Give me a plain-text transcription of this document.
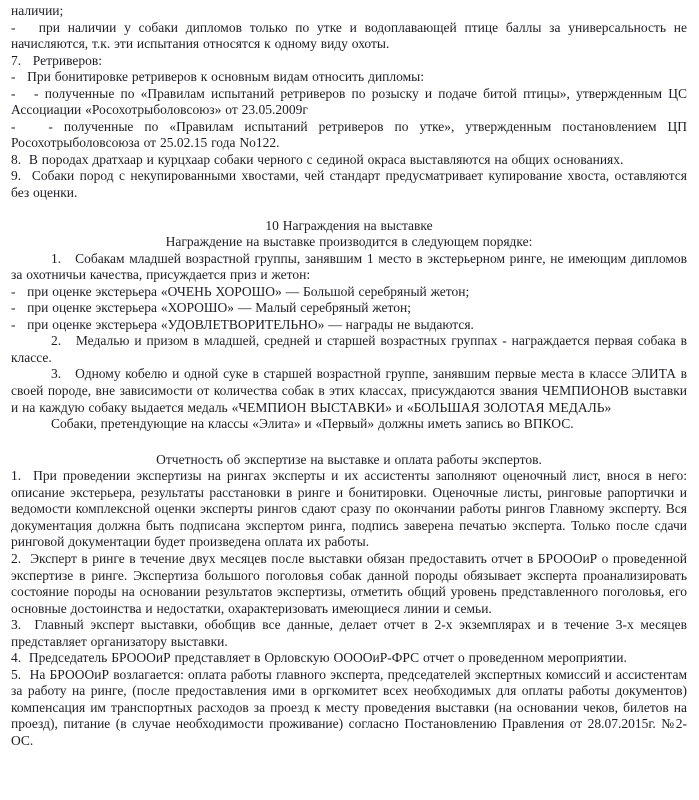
наличии;

-   при наличии у собаки дипломов только по утке и водоплавающей птице баллы за универсальность не начисляются, т.к. эти испытания относятся к одному виду охоты.

7.   Ретриверов:

-   При бонитировке ретриверов к основным видам относить дипломы:

-   - полученные по «Правилам испытаний ретриверов по розыску и подаче битой птицы», утвержденным ЦС Ассоциации «Росохотрыболовсоюз» от 23.05.2009г

-   - полученные по «Правилам испытаний ретриверов по утке», утвержденным постановлением ЦП Росохотрыболовсоюза от 25.02.15 года No122.

8.  В породах дратхаар и курцхаар собаки черного с сединой окраса выставляются на общих основаниях.

9.  Собаки пород с некупированными хвостами, чей стандарт предусматривает купирование хвоста, оставляются без оценки.

10 Награждения на выставке

Награждение на выставке производится в следующем порядке:

1.   Собакам младшей возрастной группы, занявшим 1 место в экстерьерном ринге, не имеющим дипломов за охотничьи качества, присуждается приз и жетон:

-   при оценке экстерьера «ОЧЕНЬ ХОРОШО» — Большой серебряный жетон;

-   при оценке экстерьера «ХОРОШО» — Малый серебряный жетон;

-   при оценке экстерьера «УДОВЛЕТВОРИТЕЛЬНО» — награды не выдаются.

2.   Медалью и призом в младшей, средней и старшей возрастных группах - награждается первая собака в классе.

3.   Одному кобелю и одной суке в старшей возрастной группе, занявшим первые места в классе ЭЛИТА в своей породе, вне зависимости от количества собак в этих классах, присуждаются звания ЧЕМПИОНОВ выставки и на каждую собаку выдается медаль «ЧЕМПИОН ВЫСТАВКИ» и «БОЛЬШАЯ ЗОЛОТАЯ МЕДАЛЬ»

Собаки, претендующие на классы «Элита» и «Первый» должны иметь запись во ВПКОС.

Отчетность об экспертизе на выставке и оплата работы экспертов.

1.  При проведении экспертизы на рингах эксперты и их ассистенты заполняют оценочный лист, внося в него: описание экстерьера, результаты расстановки в ринге и бонитировки. Оценочные листы, ринговые рапортички и ведомости комплексной оценки эксперты рингов сдают сразу по окончании работы рингов Главному эксперту. Вся документация должна быть подписана экспертом ринга, подпись заверена печатью эксперта. Только после сдачи ринговой документации будет произведена оплата их работы.

2.  Эксперт в ринге в течение двух месяцев после выставки обязан предоставить отчет в БРОООиР о проведенной экспертизе в ринге. Экспертиза большого поголовья собак данной породы обязывает эксперта проанализировать состояние породы на основании результатов экспертизы, отметить общий уровень представленного поголовья, его основные достоинства и недостатки, охарактеризовать имеющиеся линии и семьи.

3.  Главный эксперт выставки, обобщив все данные, делает отчет в 2-х экземплярах и в течение 3-х месяцев представляет организатору выставки.

4.  Председатель БРОООиР представляет в Орловскую ООООиР-ФРС отчет о проведенном мероприятии.

5.  На БРОООиР возлагается: оплата работы главного эксперта, председателей экспертных комиссий и ассистентам за работу на ринге, (после предоставления ими в оргкомитет всех необходимых для оплаты работы документов) компенсация им транспортных расходов за проезд к месту проведения выставки (на основании чеков, билетов на проезд), питание (в случае необходимости проживание) согласно Постановлению Правления от 28.07.2015г. №2-ОС.
